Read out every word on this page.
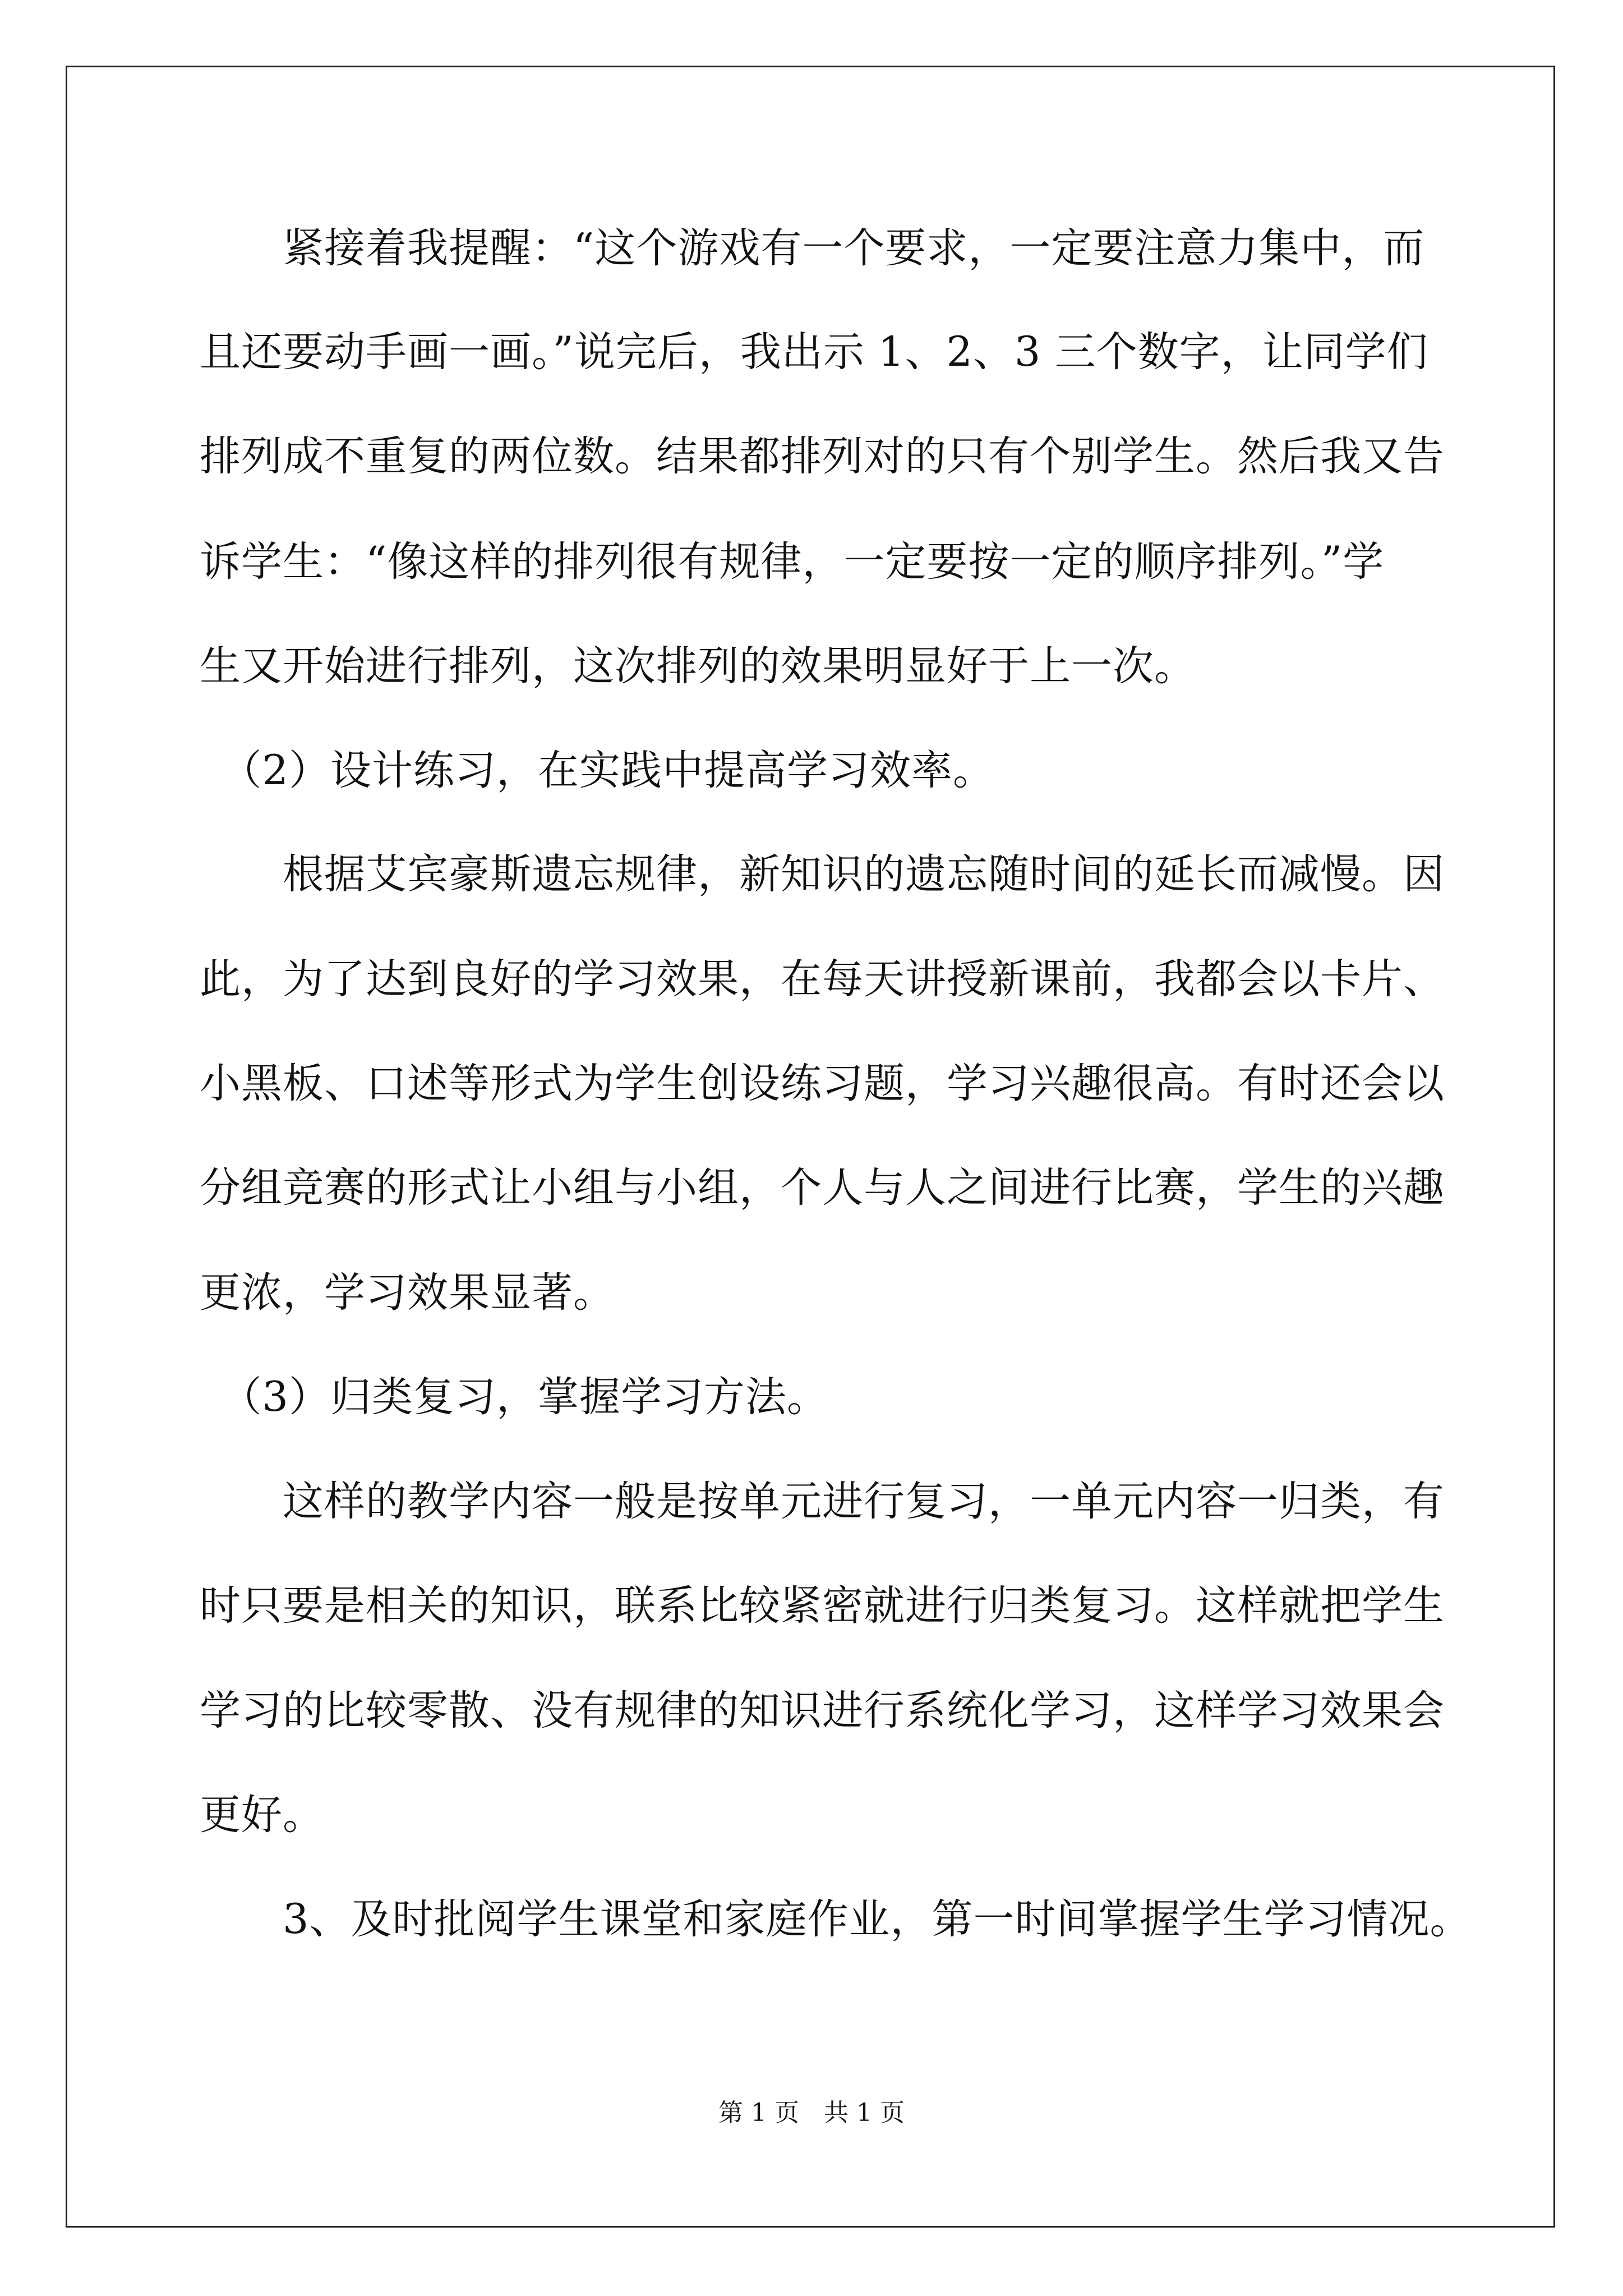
　　紧接着我提醒：“这个游戏有一个要求，一定要注意力集中，而
且还要动手画一画。”说完后，我出示 1、2、3 三个数字，让同学们
排列成不重复的两位数。结果都排列对的只有个别学生。然后我又告
诉学生：“像这样的排列很有规律，一定要按一定的顺序排列。”学
生又开始进行排列，这次排列的效果明显好于上一次。
　（2）设计练习，在实践中提高学习效率。
　　根据艾宾豪斯遗忘规律，新知识的遗忘随时间的延长而减慢。因
此，为了达到良好的学习效果，在每天讲授新课前，我都会以卡片、
小黑板、口述等形式为学生创设练习题，学习兴趣很高。有时还会以
分组竞赛的形式让小组与小组，个人与人之间进行比赛，学生的兴趣
更浓，学习效果显著。
　（3）归类复习，掌握学习方法。
　　这样的教学内容一般是按单元进行复习，一单元内容一归类，有
时只要是相关的知识，联系比较紧密就进行归类复习。这样就把学生
学习的比较零散、没有规律的知识进行系统化学习，这样学习效果会
更好。
　　3、及时批阅学生课堂和家庭作业，第一时间掌握学生学习情况。
第 1 页　共 1 页
